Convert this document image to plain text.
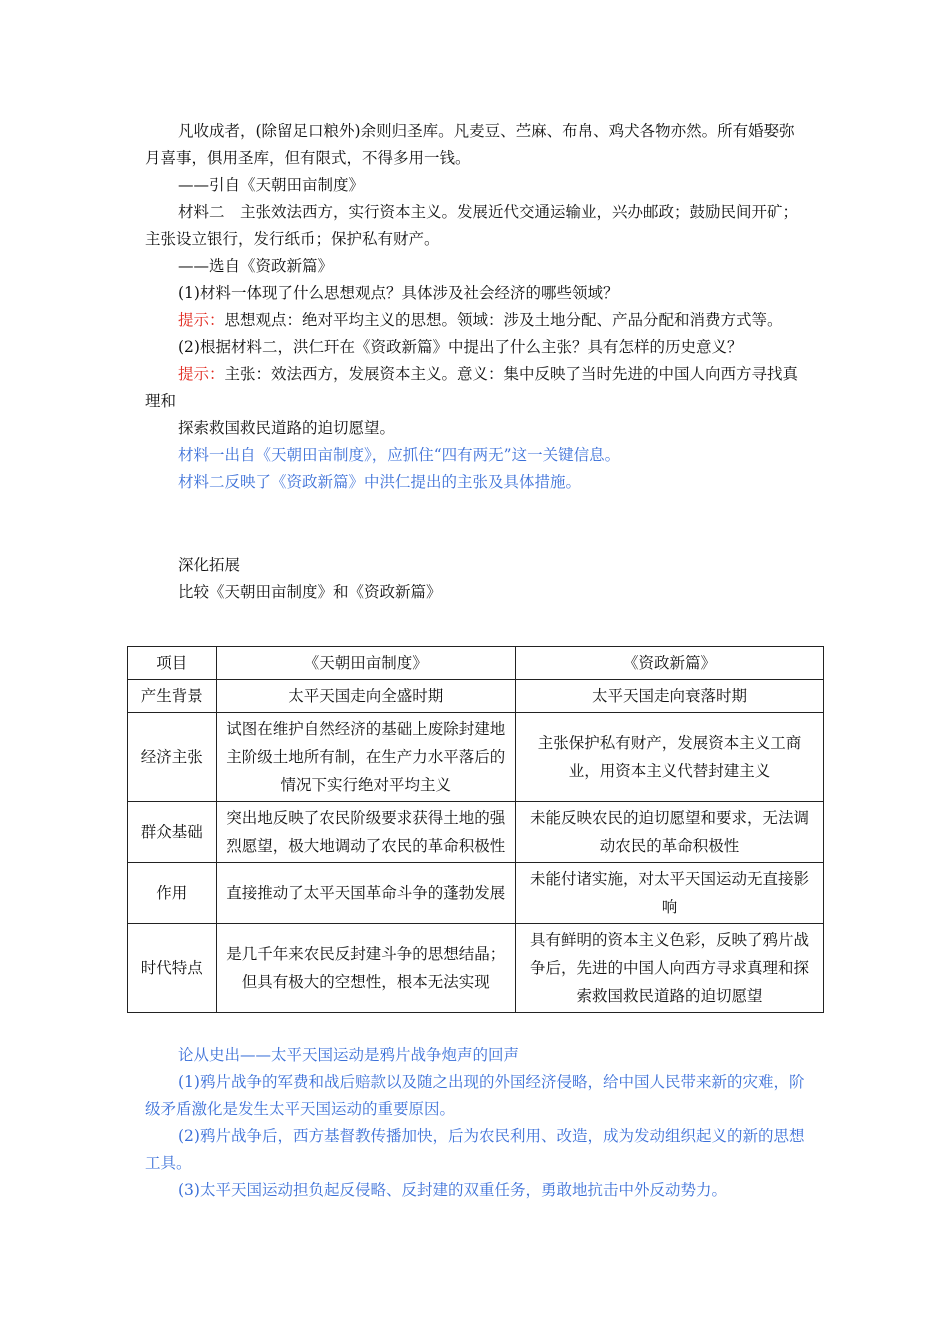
凡收成者，(除留足口粮外)余则归圣库。凡麦豆、苎麻、布帛、鸡犬各物亦然。所有婚娶弥月喜事，俱用圣库，但有限式，不得多用一钱。

——引自《天朝田亩制度》

材料二　主张效法西方，实行资本主义。发展近代交通运输业，兴办邮政；鼓励民间开矿；主张设立银行，发行纸币；保护私有财产。

——选自《资政新篇》

(1)材料一体现了什么思想观点？具体涉及社会经济的哪些领域？

提示：思想观点：绝对平均主义的思想。领域：涉及土地分配、产品分配和消费方式等。

(2)根据材料二，洪仁玕在《资政新篇》中提出了什么主张？具有怎样的历史意义？

提示：主张：效法西方，发展资本主义。意义：集中反映了当时先进的中国人向西方寻找真理和

探索救国救民道路的迫切愿望。

材料一出自《天朝田亩制度》，应抓住“四有两无”这一关键信息。

材料二反映了《资政新篇》中洪仁提出的主张及具体措施。

深化拓展

比较《天朝田亩制度》和《资政新篇》

项目	《天朝田亩制度》	《资政新篇》
产生背景	太平天国走向全盛时期	太平天国走向衰落时期
经济主张	试图在维护自然经济的基础上废除封建地主阶级土地所有制，在生产力水平落后的情况下实行绝对平均主义	主张保护私有财产，发展资本主义工商业，用资本主义代替封建主义
群众基础	突出地反映了农民阶级要求获得土地的强烈愿望，极大地调动了农民的革命积极性	未能反映农民的迫切愿望和要求，无法调动农民的革命积极性
作用	直接推动了太平天国革命斗争的蓬勃发展	未能付诸实施，对太平天国运动无直接影响
时代特点	是几千年来农民反封建斗争的思想结晶；但具有极大的空想性，根本无法实现	具有鲜明的资本主义色彩，反映了鸦片战争后，先进的中国人向西方寻求真理和探索救国救民道路的迫切愿望

论从史出——太平天国运动是鸦片战争炮声的回声

(1)鸦片战争的军费和战后赔款以及随之出现的外国经济侵略，给中国人民带来新的灾难，阶级矛盾激化是发生太平天国运动的重要原因。

(2)鸦片战争后，西方基督教传播加快，后为农民利用、改造，成为发动组织起义的新的思想工具。

(3)太平天国运动担负起反侵略、反封建的双重任务，勇敢地抗击中外反动势力。
